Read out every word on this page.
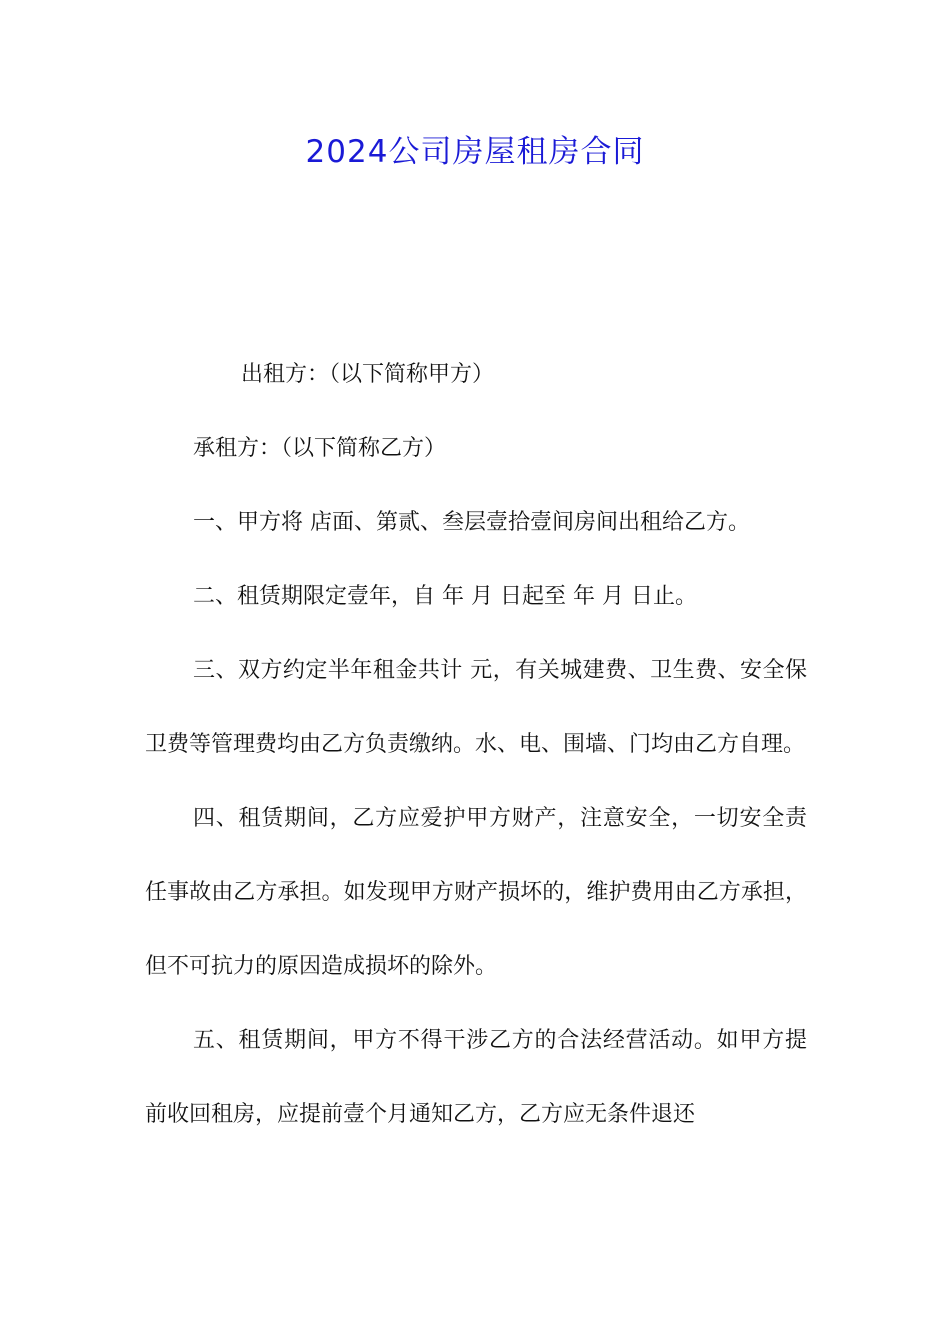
2024公司房屋租房合同

出租方：（以下简称甲方）

承租方：（以下简称乙方）

一、甲方将 店面、第贰、叁层壹拾壹间房间出租给乙方。

二、租赁期限定壹年，自 年 月 日起至 年 月 日止。

三、双方约定半年租金共计 元，有关城建费、卫生费、安全保卫费等管理费均由乙方负责缴纳。水、电、围墙、门均由乙方自理。

四、租赁期间，乙方应爱护甲方财产，注意安全，一切安全责任事故由乙方承担。如发现甲方财产损坏的，维护费用由乙方承担，但不可抗力的原因造成损坏的除外。

五、租赁期间，甲方不得干涉乙方的合法经营活动。如甲方提前收回租房，应提前壹个月通知乙方，乙方应无条件退还
